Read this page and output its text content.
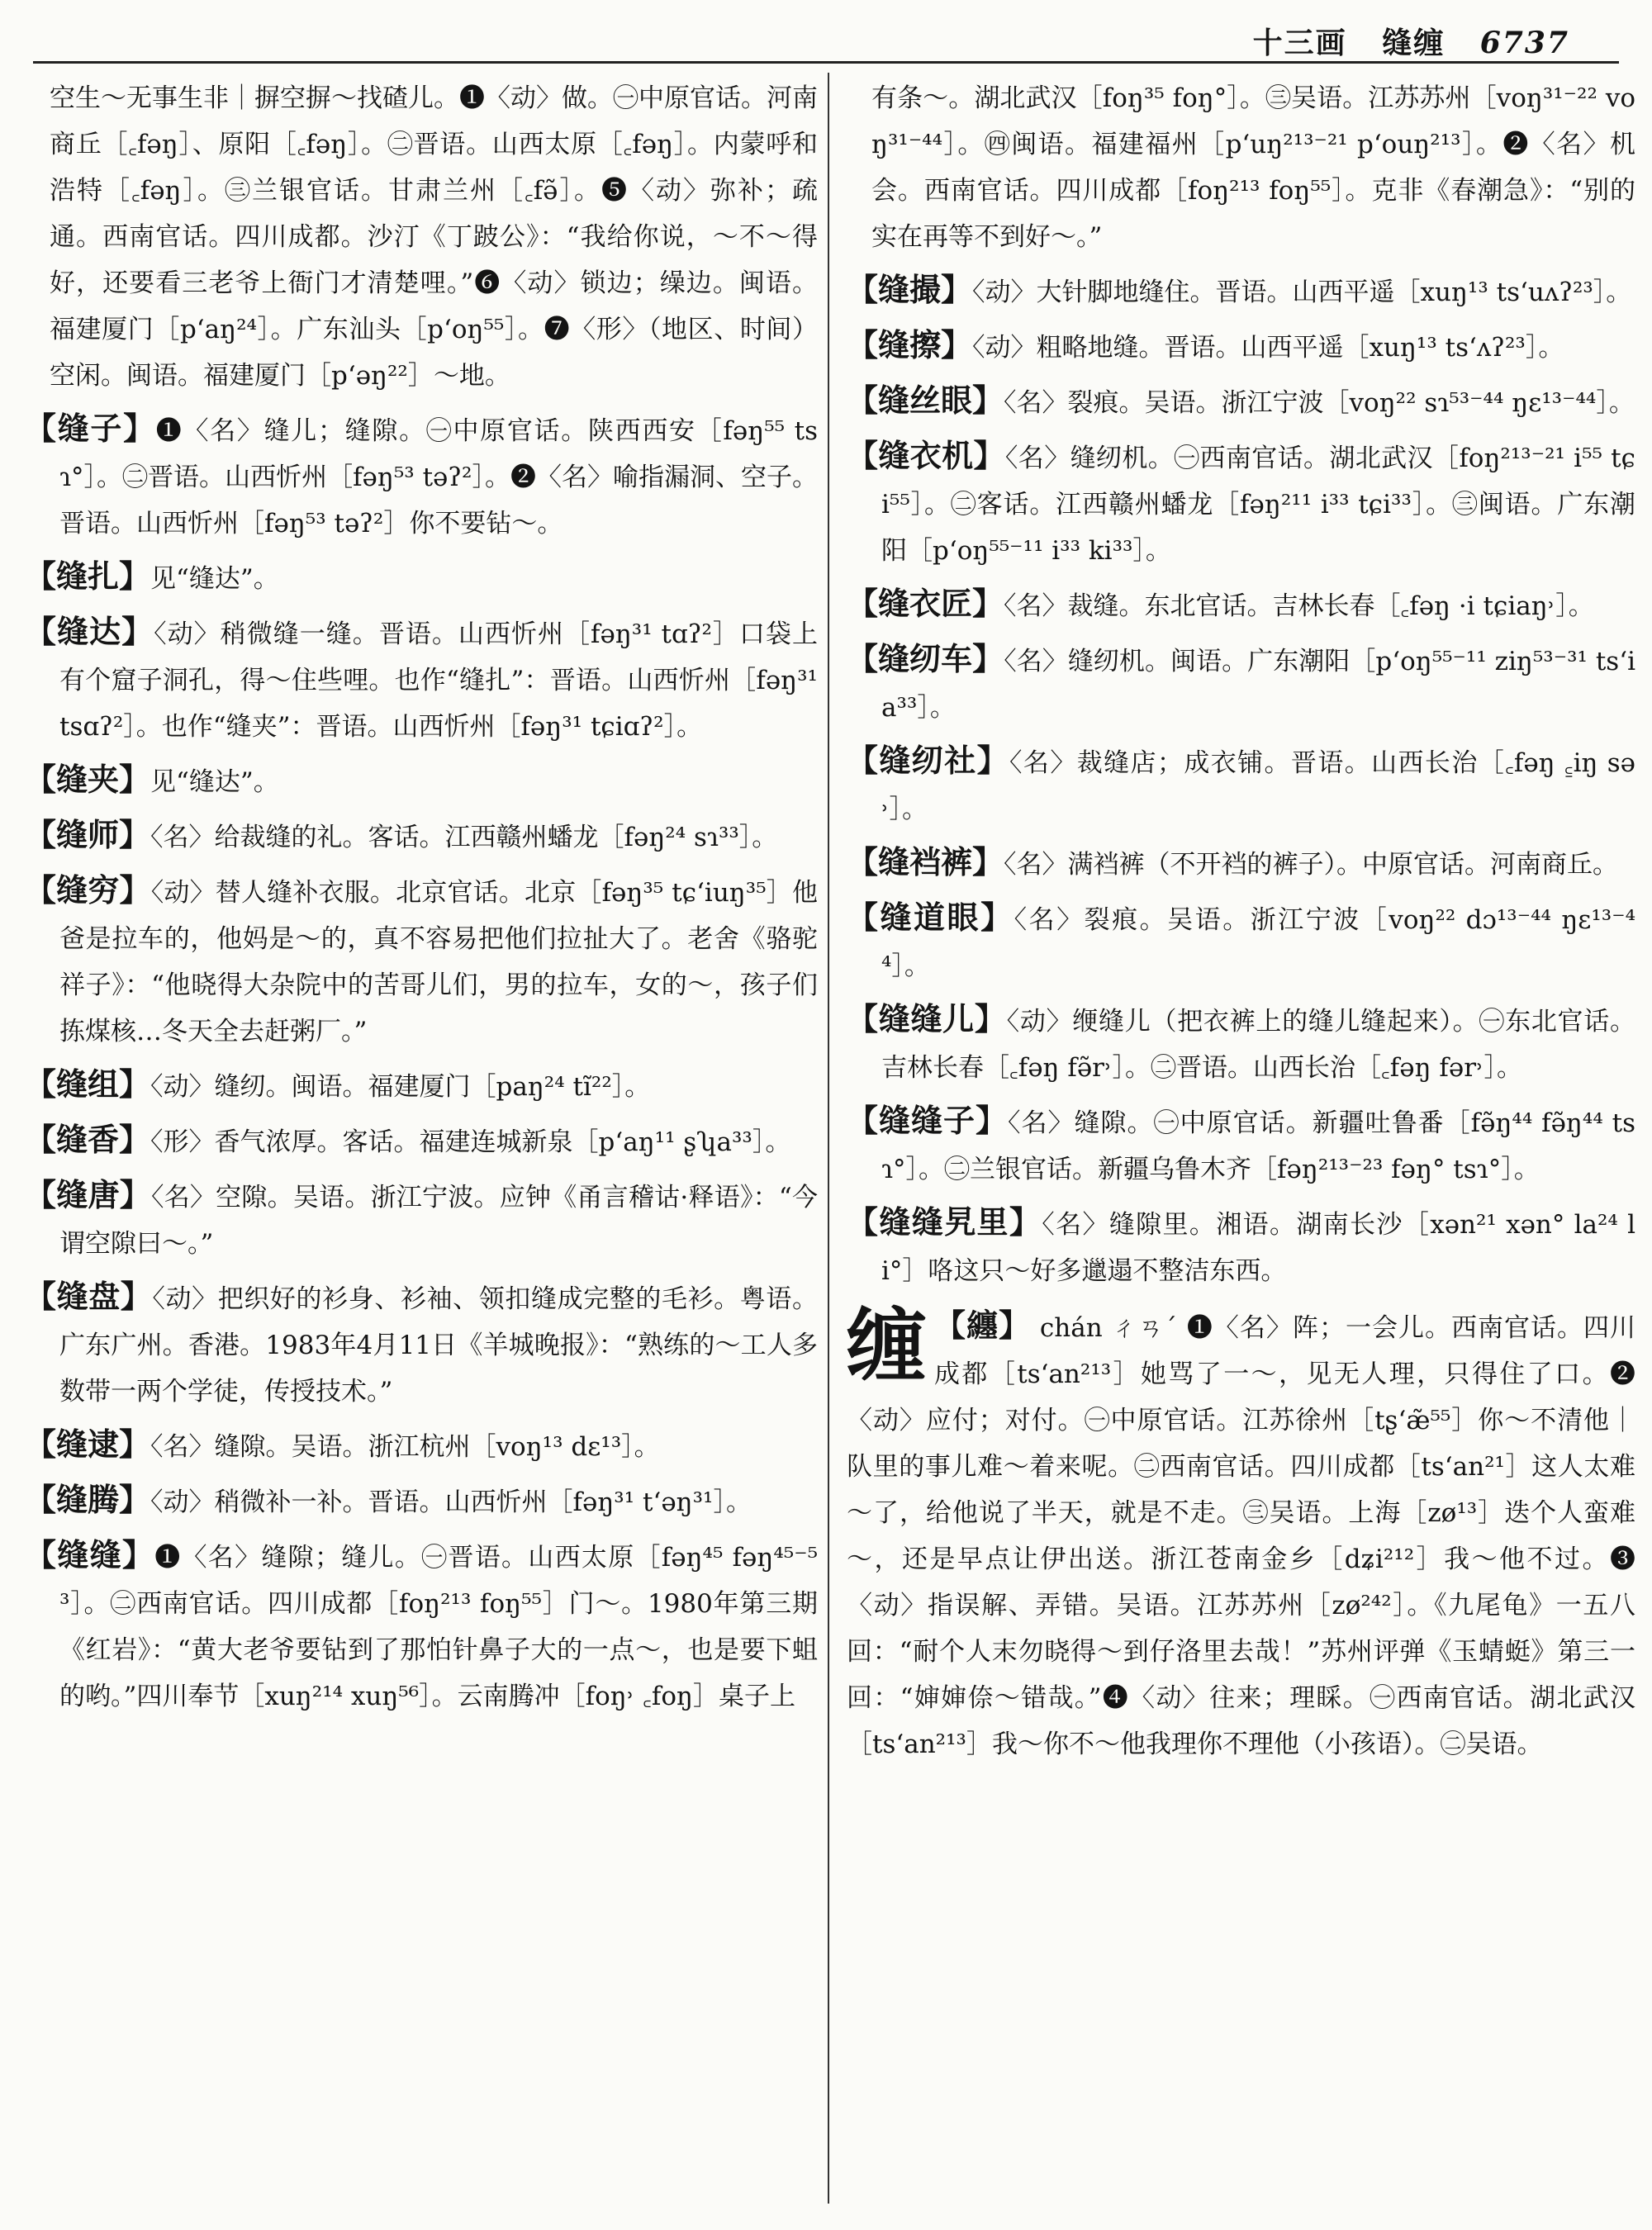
十三画 缝缠 6737

空生～无事生非｜摒空摒～找碴儿。❶〈动〉做。㊀中原官话。河南商丘［꜀fəŋ］、原阳［꜀fəŋ］。㊁晋语。山西太原［꜀fəŋ］。内蒙呼和浩特［꜀fəŋ］。㊂兰银官话。甘肃兰州［꜀fə̃］。❺〈动〉弥补；疏通。西南官话。四川成都。沙汀《丁跛公》：“我给你说，～不～得好，还要看三老爷上衙门才清楚哩。”❻〈动〉锁边；缲边。闽语。福建厦门［p‘aŋ²⁴］。广东汕头［p‘oŋ⁵⁵］。❼〈形〉（地区、时间）空闲。闽语。福建厦门［p‘əŋ²²］～地。

【缝子】❶〈名〉缝儿；缝隙。㊀中原官话。陕西西安［fəŋ⁵⁵ tsɿ°］。㊁晋语。山西忻州［fəŋ⁵³ təʔ²］。❷〈名〉喻指漏洞、空子。晋语。山西忻州［fəŋ⁵³ təʔ²］你不要钻～。

【缝扎】见“缝达”。

【缝达】〈动〉稍微缝一缝。晋语。山西忻州［fəŋ³¹ tɑʔ²］口袋上有个窟子洞孔，得～住些哩。也作“缝扎”：晋语。山西忻州［fəŋ³¹ tsɑʔ²］。也作“缝夹”：晋语。山西忻州［fəŋ³¹ tɕiɑʔ²］。

【缝夹】见“缝达”。

【缝师】〈名〉给裁缝的礼。客话。江西赣州蟠龙［fəŋ²⁴ sɿ³³］。

【缝穷】〈动〉替人缝补衣服。北京官话。北京［fəŋ³⁵ tɕ‘iuŋ³⁵］他爸是拉车的，他妈是～的，真不容易把他们拉扯大了。老舍《骆驼祥子》：“他晓得大杂院中的苦哥儿们，男的拉车，女的～，孩子们拣煤核…冬天全去赶粥厂。”

【缝组】〈动〉缝纫。闽语。福建厦门［paŋ²⁴ tĩ²²］。

【缝香】〈形〉香气浓厚。客话。福建连城新泉［p‘aŋ¹¹ ʂʮa³³］。

【缝唐】〈名〉空隙。吴语。浙江宁波。应钟《甬言稽诂·释语》：“今谓空隙曰～。”

【缝盘】〈动〉把织好的衫身、衫袖、领扣缝成完整的毛衫。粤语。广东广州。香港。1983年4月11日《羊城晚报》：“熟练的～工人多数带一两个学徒，传授技术。”

【缝逮】〈名〉缝隙。吴语。浙江杭州［voŋ¹³ dɛ¹³］。

【缝腾】〈动〉稍微补一补。晋语。山西忻州［fəŋ³¹ t‘əŋ³¹］。

【缝缝】❶〈名〉缝隙；缝儿。㊀晋语。山西太原［fəŋ⁴⁵ fəŋ⁴⁵⁻⁵³］。㊁西南官话。四川成都［foŋ²¹³ foŋ⁵⁵］门～。1980年第三期《红岩》：“黄大老爷要钻到了那怕针鼻子大的一点～，也是要下蛆的哟。”四川奉节［xuŋ²¹⁴ xuŋ⁵⁶］。云南腾冲［foŋ˒ ꜀foŋ］桌子上

有条～。湖北武汉［foŋ³⁵ foŋ°］。㊂吴语。江苏苏州［voŋ³¹⁻²² voŋ³¹⁻⁴⁴］。㊃闽语。福建福州［p‘uŋ²¹³⁻²¹ p‘ouŋ²¹³］。❷〈名〉机会。西南官话。四川成都［foŋ²¹³ foŋ⁵⁵］。克非《春潮急》：“别的实在再等不到好～。”

【缝撮】〈动〉大针脚地缝住。晋语。山西平遥［xuŋ¹³ ts‘uʌʔ²³］。

【缝擦】〈动〉粗略地缝。晋语。山西平遥［xuŋ¹³ ts‘ʌʔ²³］。

【缝丝眼】〈名〉裂痕。吴语。浙江宁波［voŋ²² sɿ⁵³⁻⁴⁴ ŋɛ¹³⁻⁴⁴］。

【缝衣机】〈名〉缝纫机。㊀西南官话。湖北武汉［foŋ²¹³⁻²¹ i⁵⁵ tɕi⁵⁵］。㊁客话。江西赣州蟠龙［fəŋ²¹¹ i³³ tɕi³³］。㊂闽语。广东潮阳［p‘oŋ⁵⁵⁻¹¹ i³³ ki³³］。

【缝衣匠】〈名〉裁缝。东北官话。吉林长春［꜀fəŋ ·i tɕiaŋ˒］。

【缝纫车】〈名〉缝纫机。闽语。广东潮阳［p‘oŋ⁵⁵⁻¹¹ ziŋ⁵³⁻³¹ ts‘ia³³］。

【缝纫社】〈名〉裁缝店；成衣铺。晋语。山西长治［꜀fəŋ ꜁iŋ sə˒］。

【缝裆裤】〈名〉满裆裤（不开裆的裤子）。中原官话。河南商丘。

【缝道眼】〈名〉裂痕。吴语。浙江宁波［voŋ²² dɔ¹³⁻⁴⁴ ŋɛ¹³⁻⁴⁴］。

【缝缝儿】〈动〉缏缝儿（把衣裤上的缝儿缝起来）。㊀东北官话。吉林长春［꜀fəŋ fə̃r˒］。㊁晋语。山西长治［꜀fəŋ fər˒］。

【缝缝子】〈名〉缝隙。㊀中原官话。新疆吐鲁番［fə̃ŋ⁴⁴ fə̃ŋ⁴⁴ tsɿ°］。㊁兰银官话。新疆乌鲁木齐［fəŋ²¹³⁻²³ fəŋ° tsɿ°］。

【缝缝旯里】〈名〉缝隙里。湘语。湖南长沙［xən²¹ xən° la²⁴ li°］咯这只～好多邋遢不整洁东西。

缠 【纏】 chán ㄔㄢˊ ❶〈名〉阵；一会儿。西南官话。四川成都［ts‘an²¹³］她骂了一～，见无人理，只得住了口。❷〈动〉应付；对付。㊀中原官话。江苏徐州［tʂ‘æ̃⁵⁵］你～不清他｜队里的事儿难～着来呢。㊁西南官话。四川成都［ts‘an²¹］这人太难～了，给他说了半天，就是不走。㊂吴语。上海［zø¹³］迭个人蛮难～，还是早点让伊出送。浙江苍南金乡［dʑi²¹²］我～他不过。❸〈动〉指误解、弄错。吴语。江苏苏州［zø²⁴²］。《九尾龟》一五八回：“耐个人末勿晓得～到仔洛里去哉！”苏州评弹《玉蜻蜓》第三一回：“婶婶倷～错哉。”❹〈动〉往来；理睬。㊀西南官话。湖北武汉［ts‘an²¹³］我～你不～他我理你不理他（小孩语）。㊁吴语。
